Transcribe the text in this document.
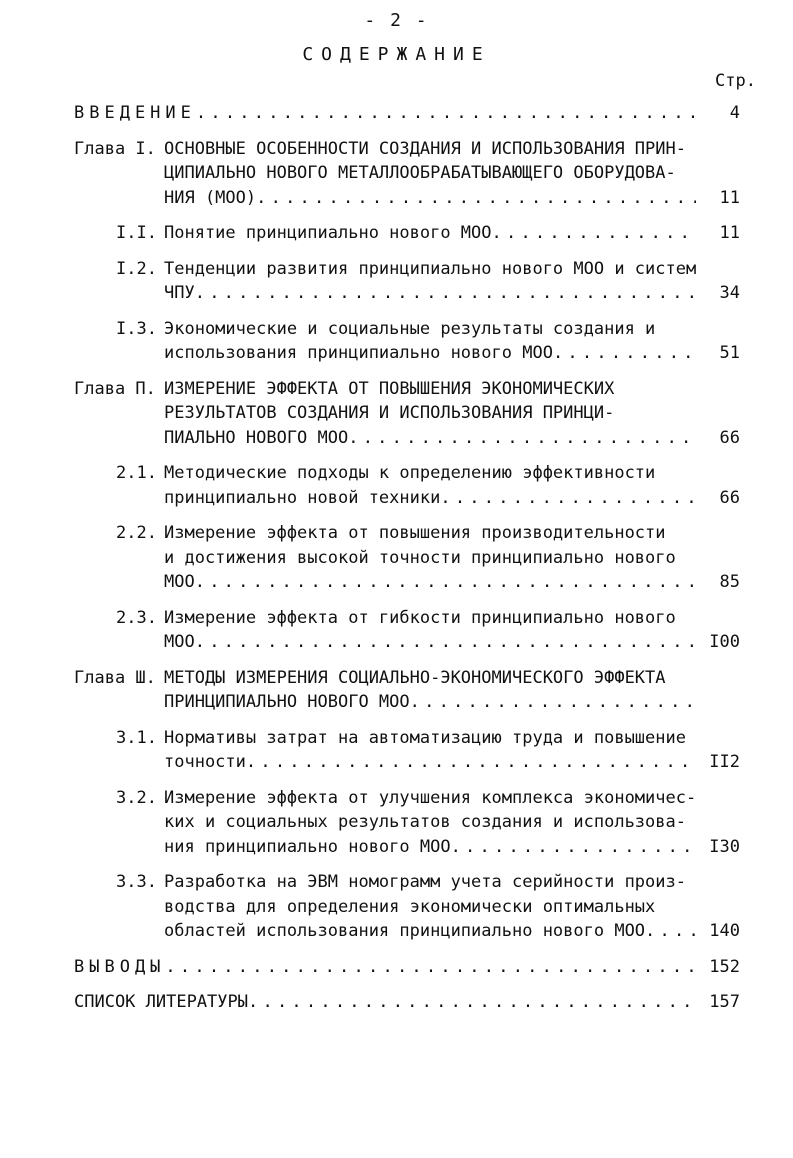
- 2 -
СОДЕРЖАНИЕ
Стр.
ВВЕДЕНИЕ . . .	4
Глава I. ОСНОВНЫЕ ОСОБЕННОСТИ СОЗДАНИЯ И ИСПОЛЬЗОВАНИЯ ПРИН-
ЦИПИАЛЬНО НОВОГО МЕТАЛЛООБРАБАТЫВАЮЩЕГО ОБОРУДОВА-
НИЯ (МОО) . . .	11
I.I. Понятие принципиально нового МОО . . .	11
I.2. Тенденции развития принципиально нового МОО и систем
ЧПУ . . .	34
I.3. Экономические и социальные результаты создания и
использования принципиально нового МОО . . .	51
Глава П. ИЗМЕРЕНИЕ ЭФФЕКТА ОТ ПОВЫШЕНИЯ ЭКОНОМИЧЕСКИХ
РЕЗУЛЬТАТОВ СОЗДАНИЯ И ИСПОЛЬЗОВАНИЯ ПРИНЦИ-
ПИАЛЬНО НОВОГО МОО . . .	66
2.1. Методические подходы к определению эффективности
принципиально новой техники . . .	66
2.2. Измерение эффекта от повышения производительности
и достижения высокой точности принципиально нового
МОО . . .	85
2.3. Измерение эффекта от гибкости принципиально нового
МОО . . .	I00
Глава Ш. МЕТОДЫ ИЗМЕРЕНИЯ СОЦИАЛЬНО-ЭКОНОМИЧЕСКОГО ЭФФЕКТА
ПРИНЦИПИАЛЬНО НОВОГО МОО
. . .
3.1. Нормативы затрат на автоматизацию труда и повышение
точности . . .	II2
3.2. Измерение эффекта от улучшения комплекса экономичес-
ких и социальных результатов создания и использова-
ния принципиально нового МОО . . .	I30
3.3. Разработка на ЭВМ номограмм учета серийности произ-
водства для определения экономически оптимальных
областей использования принципиально нового МОО . . .	140
ВЫВОДЫ . . .	152
СПИСОК ЛИТЕРАТУРЫ . . .	157
